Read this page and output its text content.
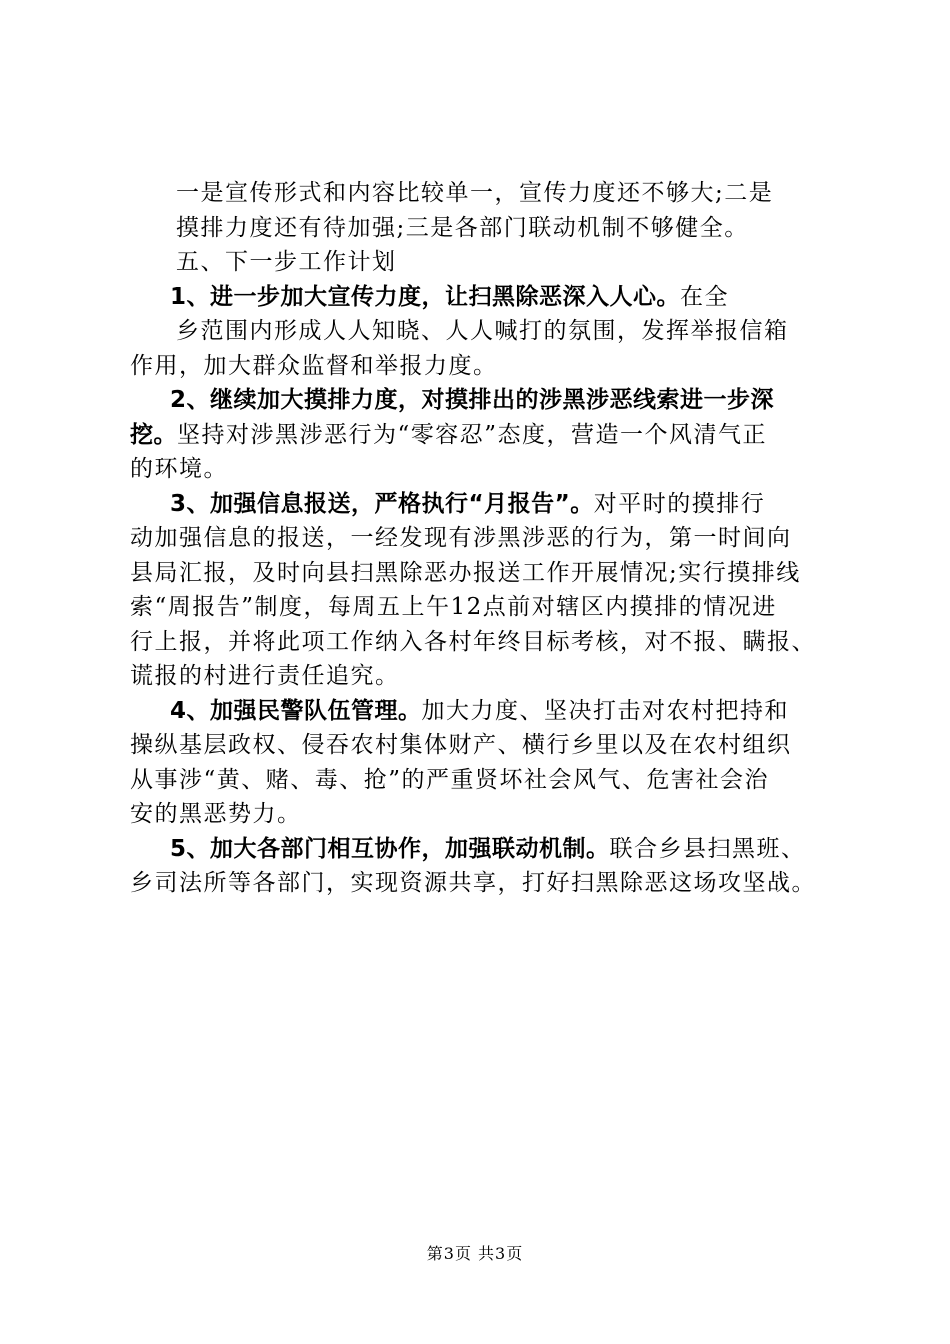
一是宣传形式和内容比较单一，宣传力度还不够大;二是
摸排力度还有待加强;三是各部门联动机制不够健全。
五、下一步工作计划
1、进一步加大宣传力度，让扫黑除恶深入人心。在全
乡范围内形成人人知晓、人人喊打的氛围，发挥举报信箱
作用，加大群众监督和举报力度。
2、继续加大摸排力度，对摸排出的涉黑涉恶线索进一步深
挖。坚持对涉黑涉恶行为“零容忍”态度，营造一个风清气正
的环境。
3、加强信息报送，严格执行“月报告”。对平时的摸排行
动加强信息的报送，一经发现有涉黑涉恶的行为，第一时间向
县局汇报，及时向县扫黑除恶办报送工作开展情况;实行摸排线
索“周报告”制度，每周五上午12点前对辖区内摸排的情况进
行上报，并将此项工作纳入各村年终目标考核，对不报、瞒报、
谎报的村进行责任追究。
4、加强民警队伍管理。加大力度、坚决打击对农村把持和
操纵基层政权、侵吞农村集体财产、横行乡里以及在农村组织
从事涉“黄、赌、毒、抢”的严重贤坏社会风气、危害社会治
安的黑恶势力。
5、加大各部门相互协作，加强联动机制。联合乡县扫黑班、
乡司法所等各部门，实现资源共享，打好扫黑除恶这场攻坚战。
第3页 共3页
